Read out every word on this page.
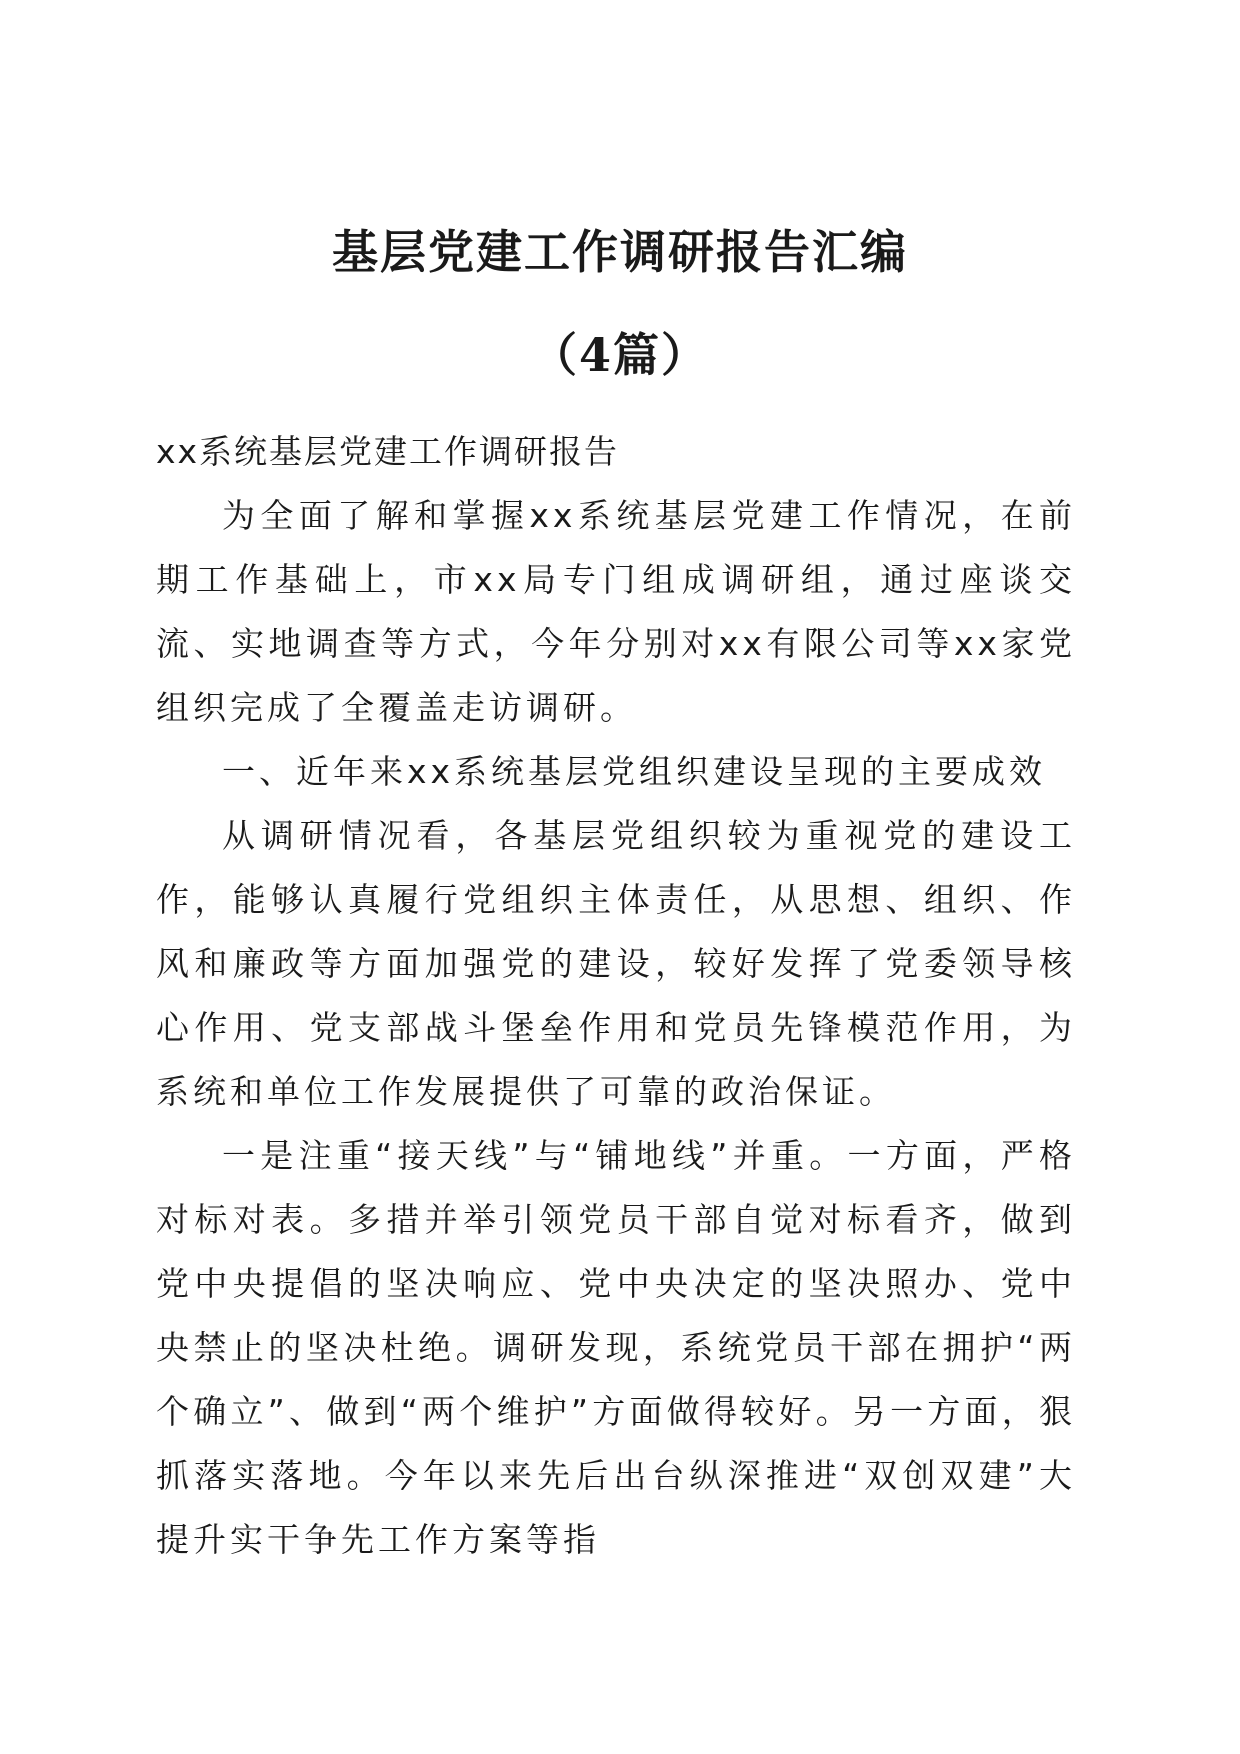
基层党建工作调研报告汇编
（4篇）

xx系统基层党建工作调研报告

为全面了解和掌握xx系统基层党建工作情况，在前期工作基础上，市xx局专门组成调研组，通过座谈交流、实地调查等方式，今年分别对xx有限公司等xx家党组织完成了全覆盖走访调研。

一、近年来xx系统基层党组织建设呈现的主要成效

从调研情况看，各基层党组织较为重视党的建设工作，能够认真履行党组织主体责任，从思想、组织、作风和廉政等方面加强党的建设，较好发挥了党委领导核心作用、党支部战斗堡垒作用和党员先锋模范作用，为系统和单位工作发展提供了可靠的政治保证。

一是注重“接天线”与“铺地线”并重。一方面，严格对标对表。多措并举引领党员干部自觉对标看齐，做到党中央提倡的坚决响应、党中央决定的坚决照办、党中央禁止的坚决杜绝。调研发现，系统党员干部在拥护“两个确立”、做到“两个维护”方面做得较好。另一方面，狠抓落实落地。今年以来先后出台纵深推进“双创双建”大提升实干争先工作方案等指
